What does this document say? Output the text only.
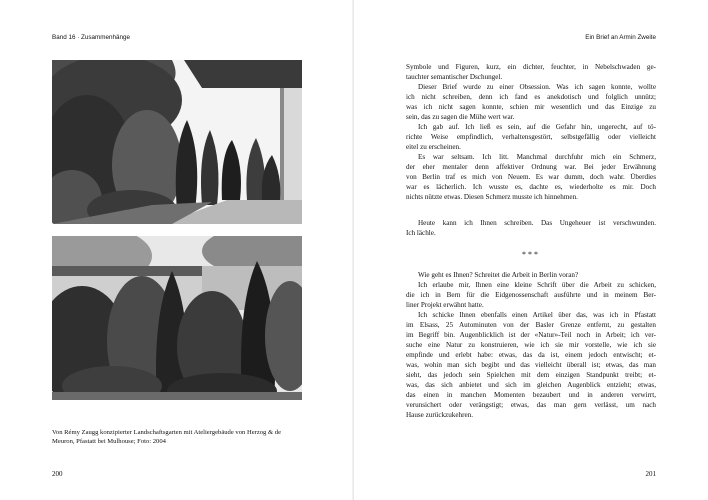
Band 16 · Zusammenhänge
Von Rémy Zaugg konzipierter Landschaftsgarten mit Ateliergebäude von Herzog & de Meuron, Pfastatt bei Mulhouse; Foto: 2004
200
Ein Brief an Armin Zweite

Symbole und Figuren, kurz, ein dichter, feuchter, in Nebelschwaden ge-
tauchter semantischer Dschungel.

Dieser Brief wurde zu einer Obsession. Was ich sagen konnte, wollte
ich nicht schreiben, denn ich fand es anekdotisch und folglich unnütz;
was ich nicht sagen konnte, schien mir wesentlich und das Einzige zu
sein, das zu sagen die Mühe wert war.

Ich gab auf. Ich ließ es sein, auf die Gefahr hin, ungerecht, auf tö-
richte Weise empfindlich, verhaltensgestört, selbstgefällig oder vielleicht
eitel zu erscheinen.

Es war seltsam. Ich litt. Manchmal durchfuhr mich ein Schmerz,
der eher mentaler denn affektiver Ordnung war. Bei jeder Erwähnung
von Berlin traf es mich von Neuem. Es war dumm, doch wahr. Überdies
war es lächerlich. Ich wusste es, dachte es, wiederholte es mir. Doch
nichts nützte etwas. Diesen Schmerz musste ich hinnehmen.

Heute kann ich Ihnen schreiben. Das Ungeheuer ist verschwunden.
Ich lächle.

***

Wie geht es Ihnen? Schreitet die Arbeit in Berlin voran?

Ich erlaube mir, Ihnen eine kleine Schrift über die Arbeit zu schicken,
die ich in Bern für die Eidgenossenschaft ausführte und in meinem Ber-
liner Projekt erwähnt hatte.

Ich schicke Ihnen ebenfalls einen Artikel über das, was ich in Pfastatt
im Elsass, 25 Autominuten von der Basler Grenze entfernt, zu gestalten
im Begriff bin. Augenblicklich ist der «Natur»-Teil noch in Arbeit; ich ver-
suche eine Natur zu konstruieren, wie ich sie mir vorstelle, wie ich sie
empfinde und erlebt habe: etwas, das da ist, einem jedoch entwischt; et-
was, wohin man sich begibt und das vielleicht überall ist; etwas, das man
sieht, das jedoch sein Spielchen mit dem einzigen Standpunkt treibt; et-
was, das sich anbietet und sich im gleichen Augenblick entzieht; etwas,
das einen in manchen Momenten bezaubert und in anderen verwirrt,
verunsichert oder verängstigt; etwas, das man gern verlässt, um nach
Hause zurückzukehren.

201
